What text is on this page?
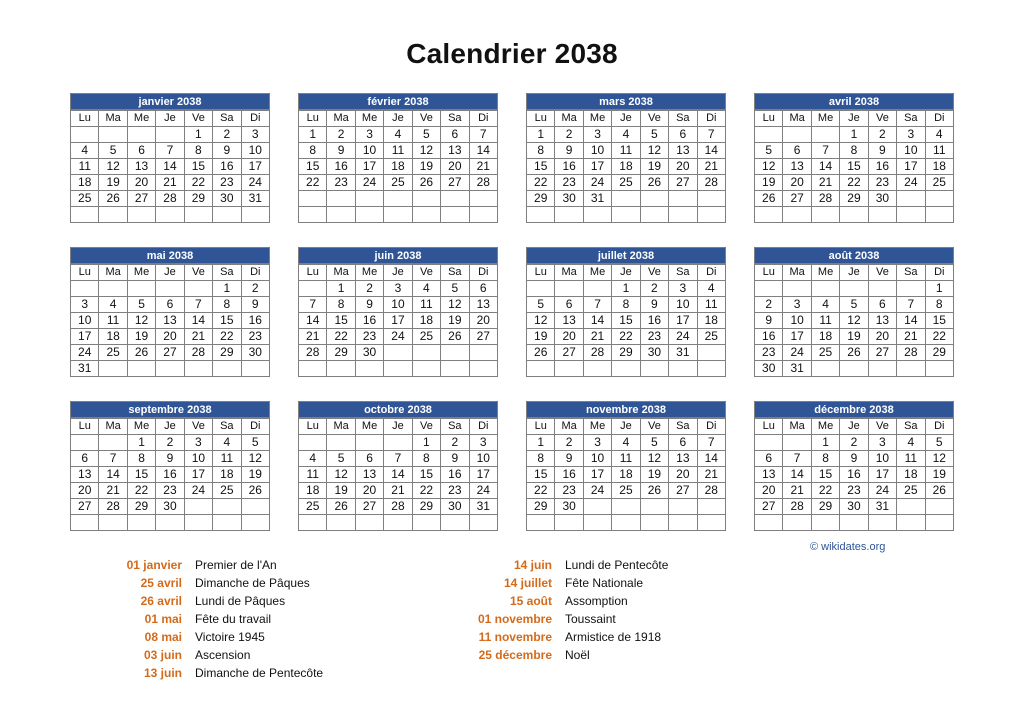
Calendrier 2038
janvier 2038
Lu	Ma	Me	Je	Ve	Sa	Di
				1	2	3
4	5	6	7	8	9	10
11	12	13	14	15	16	17
18	19	20	21	22	23	24
25	26	27	28	29	30	31

février 2038
Lu	Ma	Me	Je	Ve	Sa	Di
1	2	3	4	5	6	7
8	9	10	11	12	13	14
15	16	17	18	19	20	21
22	23	24	25	26	27	28

mars 2038
Lu	Ma	Me	Je	Ve	Sa	Di
1	2	3	4	5	6	7
8	9	10	11	12	13	14
15	16	17	18	19	20	21
22	23	24	25	26	27	28
29	30	31				

avril 2038
Lu	Ma	Me	Je	Ve	Sa	Di
			1	2	3	4
5	6	7	8	9	10	11
12	13	14	15	16	17	18
19	20	21	22	23	24	25
26	27	28	29	30		

mai 2038
Lu	Ma	Me	Je	Ve	Sa	Di
					1	2
3	4	5	6	7	8	9
10	11	12	13	14	15	16
17	18	19	20	21	22	23
24	25	26	27	28	29	30
31						
juin 2038
Lu	Ma	Me	Je	Ve	Sa	Di
	1	2	3	4	5	6
7	8	9	10	11	12	13
14	15	16	17	18	19	20
21	22	23	24	25	26	27
28	29	30				

juillet 2038
Lu	Ma	Me	Je	Ve	Sa	Di
			1	2	3	4
5	6	7	8	9	10	11
12	13	14	15	16	17	18
19	20	21	22	23	24	25
26	27	28	29	30	31	

août 2038
Lu	Ma	Me	Je	Ve	Sa	Di
						1
2	3	4	5	6	7	8
9	10	11	12	13	14	15
16	17	18	19	20	21	22
23	24	25	26	27	28	29
30	31					
septembre 2038
Lu	Ma	Me	Je	Ve	Sa	Di
		1	2	3	4	5
6	7	8	9	10	11	12
13	14	15	16	17	18	19
20	21	22	23	24	25	26
27	28	29	30			

octobre 2038
Lu	Ma	Me	Je	Ve	Sa	Di
				1	2	3
4	5	6	7	8	9	10
11	12	13	14	15	16	17
18	19	20	21	22	23	24
25	26	27	28	29	30	31

novembre 2038
Lu	Ma	Me	Je	Ve	Sa	Di
1	2	3	4	5	6	7
8	9	10	11	12	13	14
15	16	17	18	19	20	21
22	23	24	25	26	27	28
29	30					

décembre 2038
Lu	Ma	Me	Je	Ve	Sa	Di
		1	2	3	4	5
6	7	8	9	10	11	12
13	14	15	16	17	18	19
20	21	22	23	24	25	26
27	28	29	30	31		

© wikidates.org
01 janvier Premier de l'An
25 avril Dimanche de Pâques
26 avril Lundi de Pâques
01 mai Fête du travail
08 mai Victoire 1945
03 juin Ascension
13 juin Dimanche de Pentecôte
14 juin Lundi de Pentecôte
14 juillet Fête Nationale
15 août Assomption
01 novembre Toussaint
11 novembre Armistice de 1918
25 décembre Noël
